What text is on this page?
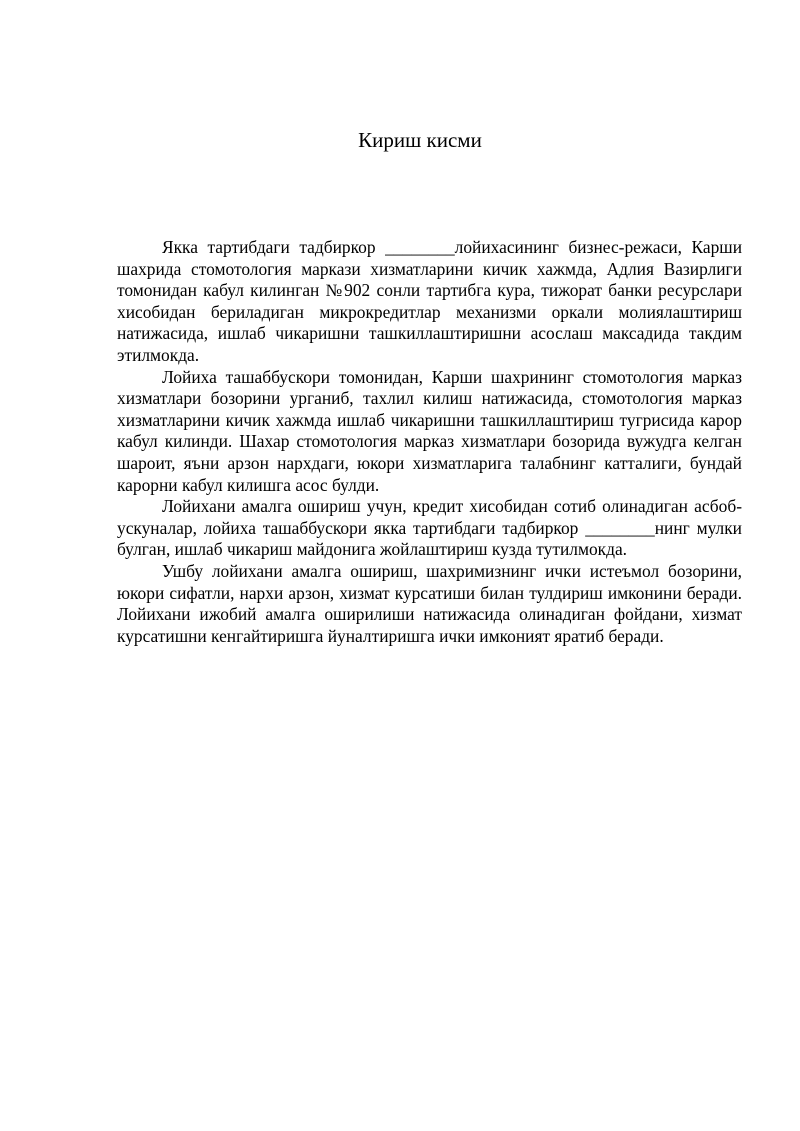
Кириш кисми

Якка тартибдаги тадбиркор ________лойихасининг бизнес-режаси, Карши шахрида стомотология маркази хизматларини кичик хажмда, Адлия Вазирлиги томонидан кабул килинган №902 сонли тартибга кура, тижорат банки ресурслари хисобидан бериладиган микрокредитлар механизми оркали молиялаштириш натижасида, ишлаб чикаришни ташкиллаштиришни асослаш максадида такдим этилмокда.

Лойиха ташаббускори томонидан, Карши шахрининг стомотология марказ хизматлари бозорини урганиб, тахлил килиш натижасида, стомотология марказ хизматларини кичик хажмда ишлаб чикаришни ташкиллаштириш тугрисида карор кабул килинди. Шахар стомотология марказ хизматлари бозорида вужудга келган шароит, яъни арзон нархдаги, юкори хизматларига талабнинг катталиги, бундай карорни кабул килишга асос булди.

Лойихани амалга ошириш учун, кредит хисобидан сотиб олинадиган асбоб-ускуналар, лойиха ташаббускори якка тартибдаги тадбиркор ________нинг мулки булган, ишлаб чикариш майдонига жойлаштириш кузда тутилмокда.

Ушбу лойихани амалга ошириш, шахримизнинг ички истеъмол бозорини, юкори сифатли, нархи арзон, хизмат курсатиши билан тулдириш имконини беради. Лойихани ижобий амалга оширилиши натижасида олинадиган фойдани, хизмат курсатишни кенгайтиришга йуналтиришга ички имконият яратиб беради.
